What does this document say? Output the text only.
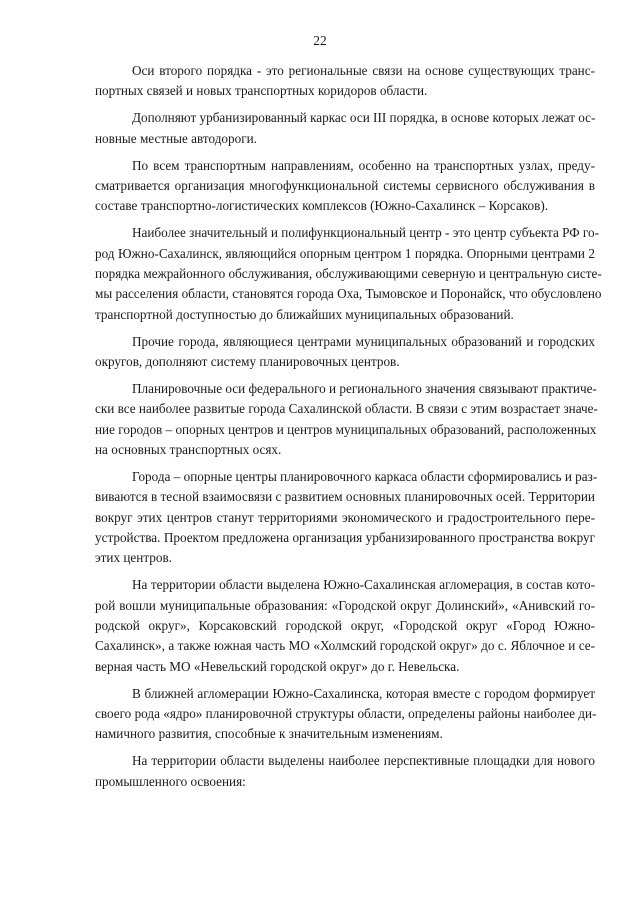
22

Оси второго порядка - это региональные связи на основе существующих транс-
портных связей и новых транспортных коридоров области.

Дополняют урбанизированный каркас оси III порядка, в основе которых лежат ос-
новные местные автодороги.

По всем транспортным направлениям, особенно на транспортных узлах, преду-
сматривается организация многофункциональной системы сервисного обслуживания в
составе транспортно-логистических комплексов (Южно-Сахалинск – Корсаков).

Наиболее значительный и полифункциональный центр - это центр субъекта РФ го-
род Южно-Сахалинск, являющийся опорным центром 1 порядка. Опорными центрами 2
порядка межрайонного обслуживания, обслуживающими северную и центральную систе-
мы расселения области, становятся города Оха, Тымовское и Поронайск, что обусловлено
транспортной доступностью до ближайших муниципальных образований.

Прочие города, являющиеся центрами муниципальных образований и городских
округов, дополняют систему планировочных центров.

Планировочные оси федерального и регионального значения связывают практиче-
ски все наиболее развитые города Сахалинской области. В связи с этим возрастает значе-
ние городов – опорных центров и центров муниципальных образований, расположенных
на основных транспортных осях.

Города – опорные центры планировочного каркаса области сформировались и раз-
виваются в тесной взаимосвязи с развитием основных планировочных осей. Территории
вокруг этих центров станут территориями экономического и градостроительного пере-
устройства. Проектом предложена организация урбанизированного пространства вокруг
этих центров.

На территории области выделена Южно-Сахалинская агломерация, в состав кото-
рой вошли муниципальные образования: «Городской округ Долинский», «Анивский го-
родской округ», Корсаковский городской округ, «Городской округ «Город Южно-
Сахалинск», а также южная часть МО «Холмский городской округ» до с. Яблочное и се-
верная часть МО «Невельский городской округ» до г. Невельска.

В ближней агломерации Южно-Сахалинска, которая вместе с городом формирует
своего рода «ядро» планировочной структуры области, определены районы наиболее ди-
намичного развития, способные к значительным изменениям.

На территории области выделены наиболее перспективные площадки для нового
промышленного освоения:
